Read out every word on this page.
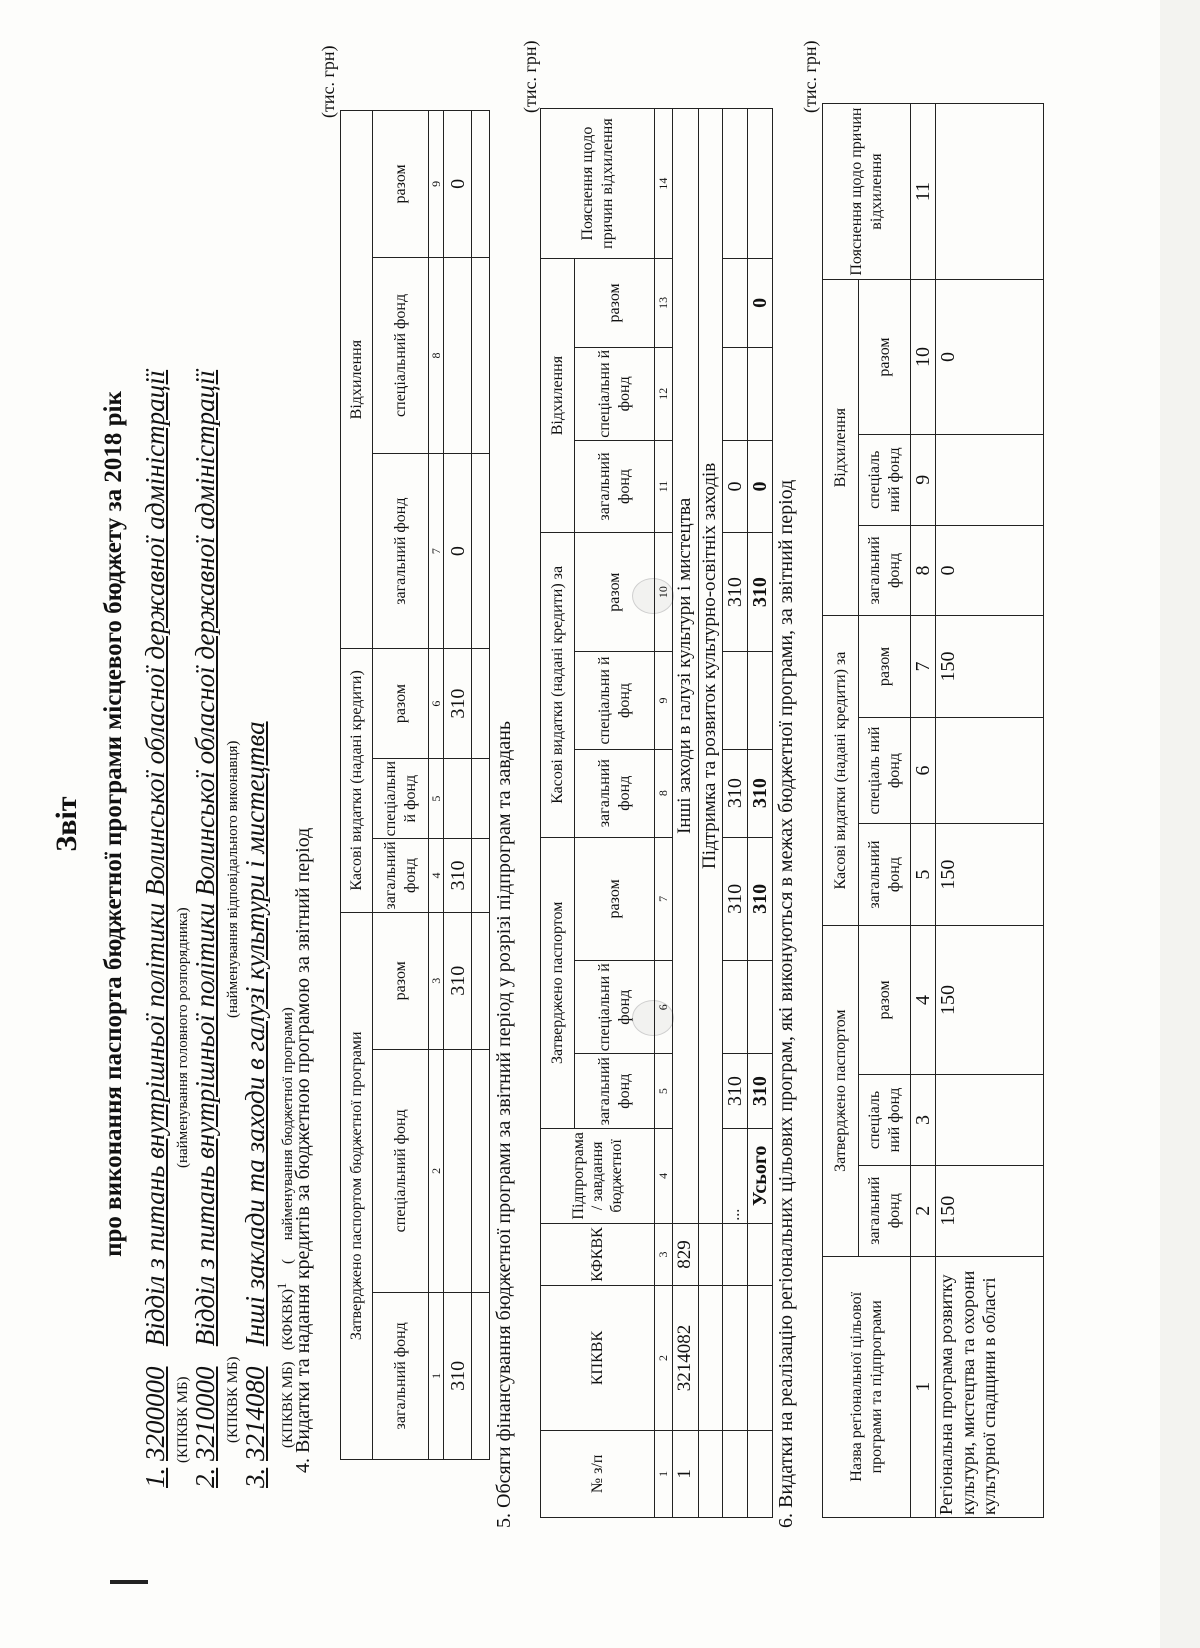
Звіт про виконання паспорта бюджетної програми місцевого бюджету за 2018 рік
1. 3200000   Відділ з питань внутрішньої політики Волинської обласної державної адміністрації
(КПКВК МБ)
(найменування головного розпорядника)
2. 3210000   Відділ з питань внутрішньої політики Волинської обласної державної адміністрації
(КПКВК МБ)
(найменування відповідального виконавця)
3. 3214080   Інші заклади та заходи в галузі культури і мистецтва
(КПКВК МБ)   (КФКВК)$^1$     (     найменування бюджетної програми)
4. Видатки та надання кредитів за бюджетною програмою за звітний період
(тис. грн)
Затверджено паспортом бюджетної програми			Касові видатки (надані кредити)			Відхилення		
загальний фонд	спеціальний фонд	разом	загальний фонд	спеціальни й фонд	разом	загальний фонд	спеціальний фонд	разом
1	2	3	4	5	6	7	8	9
310		310	310		310	0		0

5. Обсяги фінансування бюджетної програми за звітний період у розрізі підпрограм та завдань
(тис. грн)
№ з/п	КПКВК	КФКВК	Підпрограма / завдання бюджетної	Затверджено паспортом			Касові видатки (надані кредити) за			Відхилення			Пояснення щодо причин відхилення
				загальний фонд	спеціальни й фонд	разом	загальний фонд	спеціальни й фонд	разом	загальний фонд	спеціальни й фонд	разом	
1	2	3	4	5	6	7	8	9	10	11	12	13	14
1	3214082	829	Інші заходи в галузі культури і мистецтва										
			Підтримка та розвиток культурно-освітніх заходів										
			...	310		310	310		310	0			
			Усього	310		310	310		310	0		0	
6. Видатки на реалізацію регіональних цільових програм, які виконуються в межах бюджетної програми, за звітний період
(тис. грн)
Назва регіональної цільової програми та підпрограми	Затверджено паспортом			Касові видатки (надані кредити) за			Відхилення			Пояснення щодо причин відхилення
	загальний фонд	спеціаль ний фонд	разом	загальний фонд	спеціаль ний фонд	разом	загальний фонд	спеціаль ний фонд	разом	
1	2	3	4	5	6	7	8	9	10	11
Регіональна програма розвитку культури, мистецтва та охорони культурної спадщини в області	150		150	150		150	0		0	
